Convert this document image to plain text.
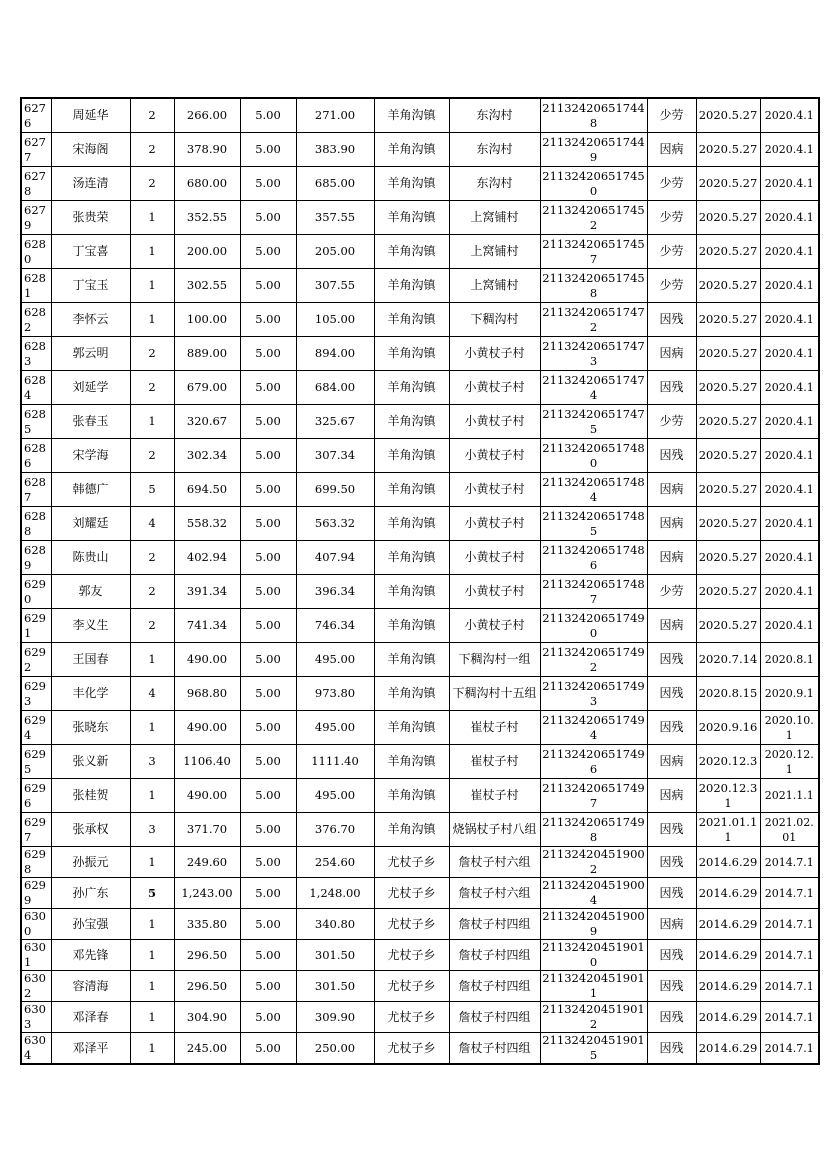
6276	周延华	2	266.00	5.00	271.00	羊角沟镇	东沟村	211324206517448	少劳	2020.5.27	2020.4.1
6277	宋海阁	2	378.90	5.00	383.90	羊角沟镇	东沟村	211324206517449	因病	2020.5.27	2020.4.1
6278	汤连清	2	680.00	5.00	685.00	羊角沟镇	东沟村	211324206517450	少劳	2020.5.27	2020.4.1
6279	张贵荣	1	352.55	5.00	357.55	羊角沟镇	上窝铺村	211324206517452	少劳	2020.5.27	2020.4.1
6280	丁宝喜	1	200.00	5.00	205.00	羊角沟镇	上窝铺村	211324206517457	少劳	2020.5.27	2020.4.1
6281	丁宝玉	1	302.55	5.00	307.55	羊角沟镇	上窝铺村	211324206517458	少劳	2020.5.27	2020.4.1
6282	李怀云	1	100.00	5.00	105.00	羊角沟镇	下稠沟村	211324206517472	因残	2020.5.27	2020.4.1
6283	郭云明	2	889.00	5.00	894.00	羊角沟镇	小黄杖子村	211324206517473	因病	2020.5.27	2020.4.1
6284	刘延学	2	679.00	5.00	684.00	羊角沟镇	小黄杖子村	211324206517474	因残	2020.5.27	2020.4.1
6285	张春玉	1	320.67	5.00	325.67	羊角沟镇	小黄杖子村	211324206517475	少劳	2020.5.27	2020.4.1
6286	宋学海	2	302.34	5.00	307.34	羊角沟镇	小黄杖子村	211324206517480	因残	2020.5.27	2020.4.1
6287	韩德广	5	694.50	5.00	699.50	羊角沟镇	小黄杖子村	211324206517484	因病	2020.5.27	2020.4.1
6288	刘耀廷	4	558.32	5.00	563.32	羊角沟镇	小黄杖子村	211324206517485	因病	2020.5.27	2020.4.1
6289	陈贵山	2	402.94	5.00	407.94	羊角沟镇	小黄杖子村	211324206517486	因病	2020.5.27	2020.4.1
6290	郭友	2	391.34	5.00	396.34	羊角沟镇	小黄杖子村	211324206517487	少劳	2020.5.27	2020.4.1
6291	李义生	2	741.34	5.00	746.34	羊角沟镇	小黄杖子村	211324206517490	因病	2020.5.27	2020.4.1
6292	王国春	1	490.00	5.00	495.00	羊角沟镇	下稠沟村一组	211324206517492	因残	2020.7.14	2020.8.1
6293	丰化学	4	968.80	5.00	973.80	羊角沟镇	下稠沟村十五组	211324206517493	因残	2020.8.15	2020.9.1
6294	张晓东	1	490.00	5.00	495.00	羊角沟镇	崔杖子村	211324206517494	因残	2020.9.16	2020.10.1
6295	张义新	3	1106.40	5.00	1111.40	羊角沟镇	崔杖子村	211324206517496	因病	2020.12.3	2020.12.1
6296	张桂贺	1	490.00	5.00	495.00	羊角沟镇	崔杖子村	211324206517497	因病	2020.12.31	2021.1.1
6297	张承权	3	371.70	5.00	376.70	羊角沟镇	烧锅杖子村八组	211324206517498	因残	2021.01.11	2021.02.01
6298	孙振元	1	249.60	5.00	254.60	尤杖子乡	詹杖子村六组	211324204519002	因残	2014.6.29	2014.7.1
6299	孙广东	5	1,243.00	5.00	1,248.00	尤杖子乡	詹杖子村六组	211324204519004	因残	2014.6.29	2014.7.1
6300	孙宝强	1	335.80	5.00	340.80	尤杖子乡	詹杖子村四组	211324204519009	因病	2014.6.29	2014.7.1
6301	邓先锋	1	296.50	5.00	301.50	尤杖子乡	詹杖子村四组	211324204519010	因残	2014.6.29	2014.7.1
6302	容清海	1	296.50	5.00	301.50	尤杖子乡	詹杖子村四组	211324204519011	因残	2014.6.29	2014.7.1
6303	邓泽春	1	304.90	5.00	309.90	尤杖子乡	詹杖子村四组	211324204519012	因残	2014.6.29	2014.7.1
6304	邓泽平	1	245.00	5.00	250.00	尤杖子乡	詹杖子村四组	211324204519015	因残	2014.6.29	2014.7.1
